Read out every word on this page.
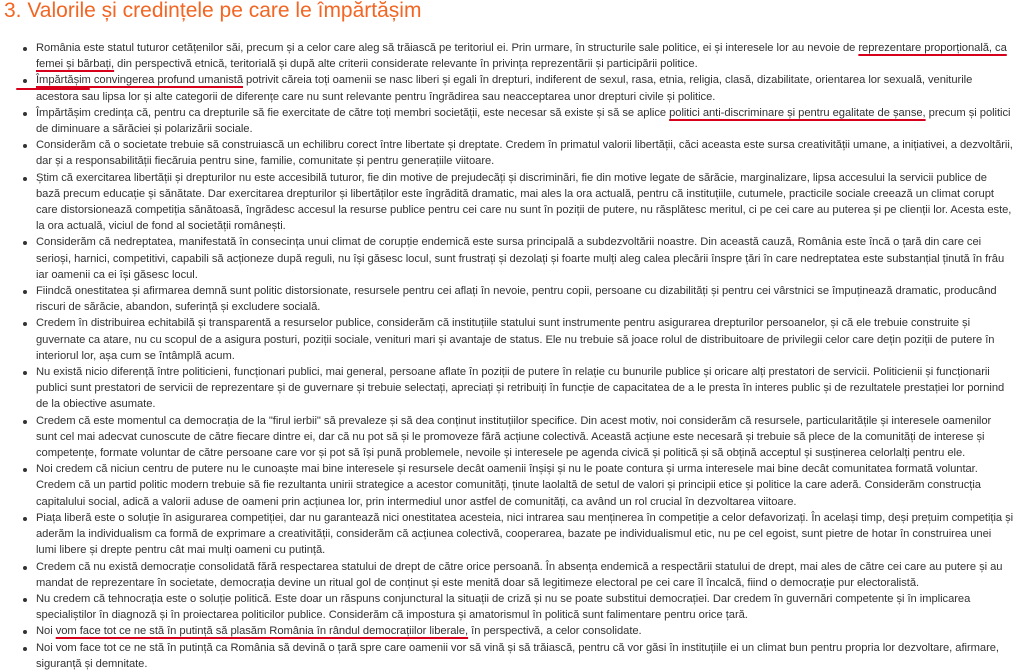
3. Valorile și credințele pe care le împărtășim
România este statul tuturor cetățenilor săi, precum și a celor care aleg să trăiască pe teritoriul ei. Prin urmare, în structurile sale politice, ei și interesele lor au nevoie de reprezentare proporțională, ca femei și bărbați, din perspectivă etnică, teritorială și după alte criterii considerate relevante în privința reprezentării și participării politice.
Împărtășim convingerea profund umanistă potrivit căreia toți oamenii se nasc liberi și egali în drepturi, indiferent de sexul, rasa, etnia, religia, clasă, dizabilitate, orientarea lor sexuală, veniturile acestora sau lipsa lor și alte categorii de diferențe care nu sunt relevante pentru îngrădirea sau neacceptarea unor drepturi civile și politice.
Împărtășim credința că, pentru ca drepturile să fie exercitate de către toți membri societății, este necesar să existe și să se aplice politici anti-discriminare și pentru egalitate de șanse, precum și politici de diminuare a sărăciei și polarizării sociale.
Considerăm că o societate trebuie să construiască un echilibru corect între libertate și dreptate. Credem în primatul valorii libertății, căci aceasta este sursa creativității umane, a inițiativei, a dezvoltării, dar și a responsabilității fiecăruia pentru sine, familie, comunitate și pentru generațiile viitoare.
Știm că exercitarea libertății și drepturilor nu este accesibilă tuturor, fie din motive de prejudecăți și discriminări, fie din motive legate de sărăcie, marginalizare, lipsa accesului la servicii publice de bază precum educație și sănătate. Dar exercitarea drepturilor și libertăților este îngrădită dramatic, mai ales la ora actuală, pentru că instituțiile, cutumele, practicile sociale creează un climat corupt care distorsionează competiția sănătoasă, îngrădesc accesul la resurse publice pentru cei care nu sunt în poziții de putere, nu răsplătesc meritul, ci pe cei care au puterea și pe clienții lor. Acesta este, la ora actuală, viciul de fond al societății românești.
Considerăm că nedreptatea, manifestată în consecința unui climat de corupție endemică este sursa principală a subdezvoltării noastre. Din această cauză, România este încă o țară din care cei serioși, harnici, competitivi, capabili să acționeze după reguli, nu își găsesc locul, sunt frustrați și dezolați și foarte mulți aleg calea plecării înspre țări în care nedreptatea este substanțial ținută în frâu iar oamenii ca ei își găsesc locul.
Fiindcă onestitatea și afirmarea demnă sunt politic distorsionate, resursele pentru cei aflați în nevoie, pentru copii, persoane cu dizabilități și pentru cei vârstnici se împuținează dramatic, producând riscuri de sărăcie, abandon, suferință și excludere socială.
Credem în distribuirea echitabilă și transparentă a resurselor publice, considerăm că instituțiile statului sunt instrumente pentru asigurarea drepturilor persoanelor, și că ele trebuie construite și guvernate ca atare, nu cu scopul de a asigura posturi, poziții sociale, venituri mari și avantaje de status. Ele nu trebuie să joace rolul de distribuitoare de privilegii celor care dețin poziții de putere în interiorul lor, așa cum se întâmplă acum.
Nu există nicio diferență între politicieni, funcționari publici, mai general, persoane aflate în poziții de putere în relație cu bunurile publice și oricare alți prestatori de servicii. Politicienii și funcționarii publici sunt prestatori de servicii de reprezentare și de guvernare și trebuie selectați, apreciați și retribuiți în funcție de capacitatea de a le presta în interes public și de rezultatele prestației lor pornind de la obiective asumate.
Credem că este momentul ca democrația de la "firul ierbii" să prevaleze și să dea conținut instituțiilor specifice. Din acest motiv, noi considerăm că resursele, particularitățile și interesele oamenilor sunt cel mai adecvat cunoscute de către fiecare dintre ei, dar că nu pot să și le promoveze fără acțiune colectivă. Această acțiune este necesară și trebuie să plece de la comunități de interese și competențe, formate voluntar de către persoane care vor și pot să își pună problemele, nevoile și interesele pe agenda civică și politică și să obțină acceptul și susținerea celorlalți pentru ele.
Noi credem că niciun centru de putere nu le cunoaște mai bine interesele și resursele decât oamenii înșiși și nu le poate contura și urma interesele mai bine decât comunitatea formată voluntar. Credem că un partid politic modern trebuie să fie rezultanta unirii strategice a acestor comunități, ținute laolaltă de setul de valori și principii etice și politice la care aderă. Considerăm construcția capitalului social, adică a valorii aduse de oameni prin acțiunea lor, prin intermediul unor astfel de comunități, ca având un rol crucial în dezvoltarea viitoare.
Piața liberă este o soluție în asigurarea competiției, dar nu garantează nici onestitatea acesteia, nici intrarea sau menținerea în competiție a celor defavorizați. În același timp, deși prețuim competiția și aderăm la individualism ca formă de exprimare a creativității, considerăm că acțiunea colectivă, cooperarea, bazate pe individualismul etic, nu pe cel egoist, sunt pietre de hotar în construirea unei lumi libere și drepte pentru cât mai mulți oameni cu putință.
Credem că nu există democrație consolidată fără respectarea statului de drept de către orice persoană. În absența endemică a respectării statului de drept, mai ales de către cei care au putere și au mandat de reprezentare în societate, democrația devine un ritual gol de conținut și este menită doar să legitimeze electoral pe cei care îl încalcă, fiind o democrație pur electoralistă.
Nu credem că tehnocrația este o soluție politică. Este doar un răspuns conjunctural la situații de criză și nu se poate substitui democrației. Dar credem în guvernări competente și în implicarea specialiștilor în diagnoză și în proiectarea politicilor publice. Considerăm că impostura și amatorismul în politică sunt falimentare pentru orice țară.
Noi vom face tot ce ne stă în putință să plasăm România în rândul democrațiilor liberale, în perspectivă, a celor consolidate.
Noi vom face tot ce ne stă în putință ca România să devină o țară spre care oamenii vor să vină și să trăiască, pentru că vor găsi în instituțiile ei un climat bun pentru propria lor dezvoltare, afirmare, siguranță și demnitate.
